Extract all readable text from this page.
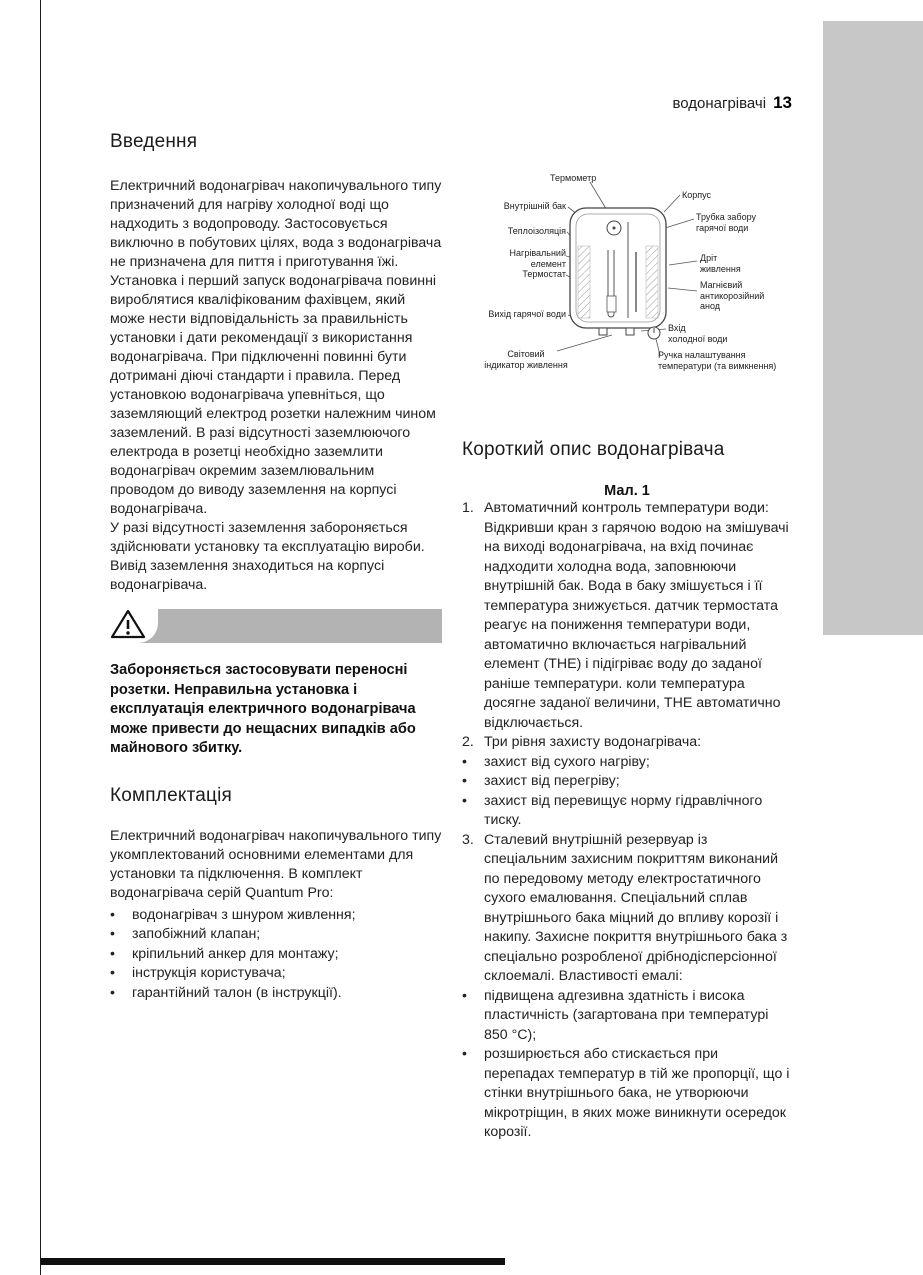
водонагрівачі 13
Введення

Електричний водонагрівач накопичувального типу призначений для нагріву холодної воді що надходить з водопроводу. Застосовується виключно в побутових цілях, вода з водонагрівача не призначена для пиття і приготування їжі. Установка і перший запуск водонагрівача повинні вироблятися кваліфікованим фахівцем, який може нести відповідальність за правильність установки і дати рекомендації з використання водонагрівача. При підключенні повинні бути дотримані діючі стандарти і правила. Перед установкою водонагрівача упевніться, що заземляющий електрод розетки належним чином заземлений. В разі відсутності заземлюючого електрода в розетці необхідно заземлити водонагрівач окремим заземлювальним проводом до виводу заземлення на корпусі водонагрівача.

У разі відсутності заземлення забороняється здійснювати установку та експлуатацію вироби. Вивід заземлення знаходиться на корпусі водонагрівача.

Забороняється застосовувати переносні розетки. Неправильна установка і експлуатація електричного водонагрівача може привести до нещасних випадків або майнового збитку.

Комплектація

Електричний водонагрівач накопичувального типу укомплектований основними елементами для установки та підключення. В комплект водонагрівача серій Quantum Pro:

• водонагрівач з шнуром живлення;
• запобіжний клапан;
• кріпильний анкер для монтажу;
• інструкція користувача;
• гарантійний талон (в інструкції).
Термометр
Корпус
Внутрішній бак
Трубка забору
гарячої води
Теплоізоляція
Нагрівальний
елемент
Дріт
живлення
Термостат
Магнієвий
антикорозійний
анод
Вихід гарячої води
Вхід
холодної води
Світовий
індикатор живлення
Ручка налаштування
температури (та вимкнення)
Короткий опис водонагрівача
Мал. 1
1. Автоматичний контроль температури води: Відкривши кран з гарячою водою на змішувачі на виході водонагрівача, на вхід починає надходити холодна вода, заповнюючи внутрішній бак. Вода в баку змішується і її температура знижується. датчик термостата реагує на пониження температури води, автоматично включається нагрівальний елемент (ТНЕ) і підігріває воду до заданої раніше температури. коли температура досягне заданої величини, ТНЕ автоматично відключається.
2. Три рівня захисту водонагрівача:
• захист від сухого нагріву;
• захист від перегріву;
• захист від перевищує норму гідравлічного тиску.
3. Сталевий внутрішній резервуар із спеціальним захисним покриттям виконаний по передовому методу електростатичного сухого емалювання. Спеціальний сплав внутрішнього бака міцний до впливу корозії і накипу. Захисне покриття внутрішнього бака з спеціально розробленої дрібнодісперсіонної склоемалі. Властивості емалі:
• підвищена адгезивна здатність і висока пластичність (загартована при температурі 850 °С);
• розширюється або стискається при перепадах температур в тій же пропорції, що і стінки внутрішнього бака, не утворюючи мікротріщин, в яких може виникнути осередок корозії.
